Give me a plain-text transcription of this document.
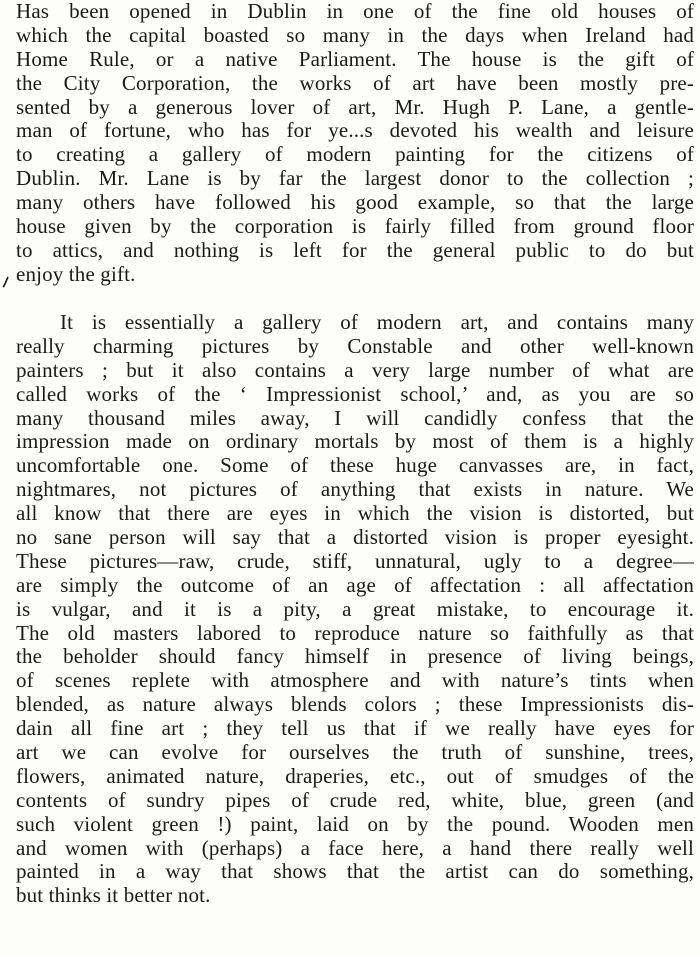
Has been opened in Dublin in one of the fine old houses of
which the capital boasted so many in the days when Ireland had
Home Rule, or a native Parliament. The house is the gift of
the City Corporation, the works of art have been mostly pre-
sented by a generous lover of art, Mr. Hugh P. Lane, a gentle-
man of fortune, who has for ye...s devoted his wealth and leisure
to creating a gallery of modern painting for the citizens of
Dublin. Mr. Lane is by far the largest donor to the collection ;
many others have followed his good example, so that the large
house given by the corporation is fairly filled from ground floor
to attics, and nothing is left for the general public to do but
enjoy the gift.
It is essentially a gallery of modern art, and contains many
really charming pictures by Constable and other well-known
painters ; but it also contains a very large number of what are
called works of the ‘ Impressionist school,’ and, as you are so
many thousand miles away, I will candidly confess that the
impression made on ordinary mortals by most of them is a highly
uncomfortable one. Some of these huge canvasses are, in fact,
nightmares, not pictures of anything that exists in nature. We
all know that there are eyes in which the vision is distorted, but
no sane person will say that a distorted vision is proper eyesight.
These pictures—raw, crude, stiff, unnatural, ugly to a degree—
are simply the outcome of an age of affectation : all affectation
is vulgar, and it is a pity, a great mistake, to encourage it.
The old masters labored to reproduce nature so faithfully as that
the beholder should fancy himself in presence of living beings,
of scenes replete with atmosphere and with nature’s tints when
blended, as nature always blends colors ; these Impressionists dis-
dain all fine art ; they tell us that if we really have eyes for
art we can evolve for ourselves the truth of sunshine, trees,
flowers, animated nature, draperies, etc., out of smudges of the
contents of sundry pipes of crude red, white, blue, green (and
such violent green !) paint, laid on by the pound. Wooden men
and women with (perhaps) a face here, a hand there really well
painted in a way that shows that the artist can do something,
but thinks it better not.
